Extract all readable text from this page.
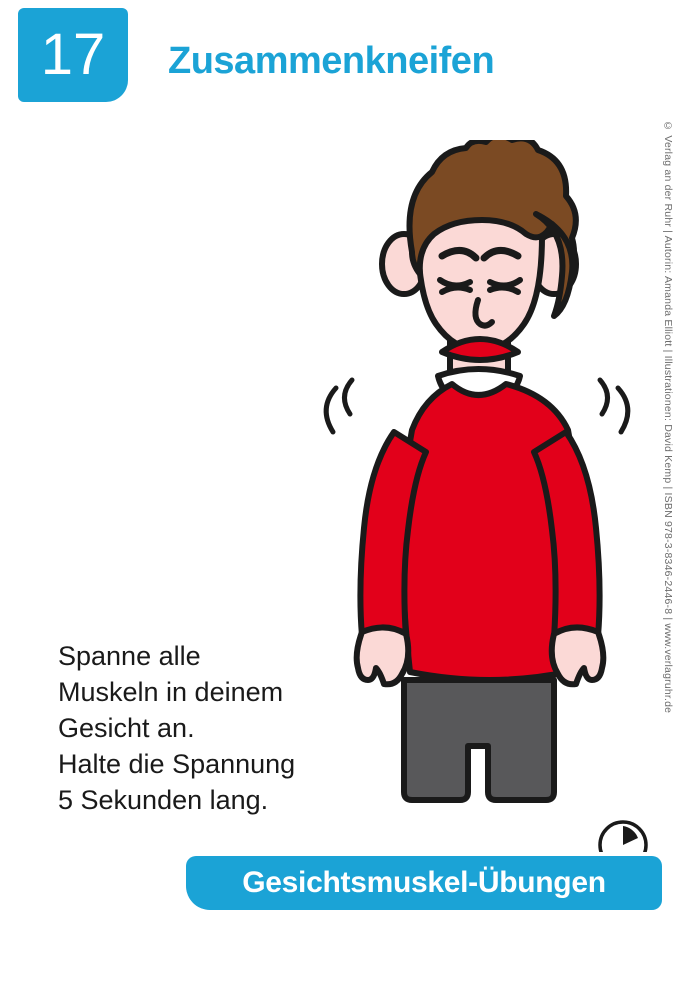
17 Zusammenkneifen
Spanne alle
Muskeln in deinem
Gesicht an.
Halte die Spannung
5 Sekunden lang.
Gesichtsmuskel-Übungen
© Verlag an der Ruhr | Autorin: Amanda Elliott | Illustrationen: David Kemp | ISBN 978-3-8346-2446-8 | www.verlagruhr.de
